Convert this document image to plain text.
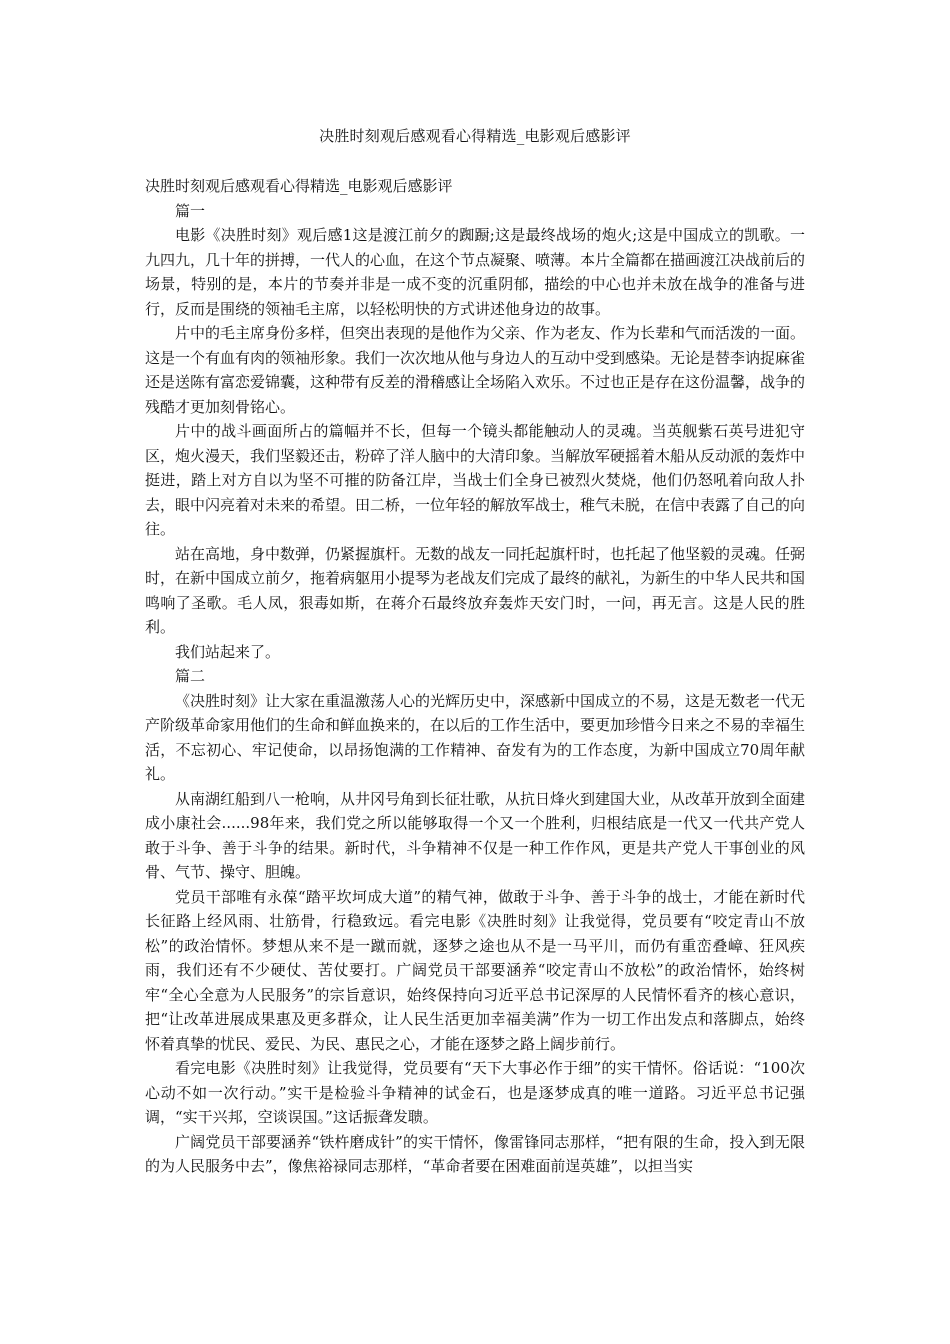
决胜时刻观后感观看心得精选_电影观后感影评

决胜时刻观后感观看心得精选_电影观后感影评

篇一

电影《决胜时刻》观后感1这是渡江前夕的踟蹰;这是最终战场的炮火;这是中国成立的凯歌。一九四九，几十年的拼搏，一代人的心血，在这个节点凝聚、喷薄。本片全篇都在描画渡江决战前后的场景，特别的是，本片的节奏并非是一成不变的沉重阴郁，描绘的中心也并未放在战争的准备与进行，反而是围绕的领袖毛主席，以轻松明快的方式讲述他身边的故事。

片中的毛主席身份多样，但突出表现的是他作为父亲、作为老友、作为长辈和气而活泼的一面。这是一个有血有肉的领袖形象。我们一次次地从他与身边人的互动中受到感染。无论是替李讷捉麻雀还是送陈有富恋爱锦囊，这种带有反差的滑稽感让全场陷入欢乐。不过也正是存在这份温馨，战争的残酷才更加刻骨铭心。

片中的战斗画面所占的篇幅并不长，但每一个镜头都能触动人的灵魂。当英舰紫石英号进犯守区，炮火漫天，我们坚毅还击，粉碎了洋人脑中的大清印象。当解放军硬摇着木船从反动派的轰炸中挺进，踏上对方自以为坚不可摧的防备江岸，当战士们全身已被烈火焚烧，他们仍怒吼着向敌人扑去，眼中闪亮着对未来的希望。田二桥，一位年轻的解放军战士，稚气未脱，在信中表露了自己的向往。

站在高地，身中数弹，仍紧握旗杆。无数的战友一同托起旗杆时，也托起了他坚毅的灵魂。任弼时，在新中国成立前夕，拖着病躯用小提琴为老战友们完成了最终的献礼，为新生的中华人民共和国鸣响了圣歌。毛人凤，狠毒如斯，在蒋介石最终放弃轰炸天安门时，一问，再无言。这是人民的胜利。

我们站起来了。

篇二

《决胜时刻》让大家在重温激荡人心的光辉历史中，深感新中国成立的不易，这是无数老一代无产阶级革命家用他们的生命和鲜血换来的，在以后的工作生活中，要更加珍惜今日来之不易的幸福生活，不忘初心、牢记使命，以昂扬饱满的工作精神、奋发有为的工作态度，为新中国成立70周年献礼。

从南湖红船到八一枪响，从井冈号角到长征壮歌，从抗日烽火到建国大业，从改革开放到全面建成小康社会......98年来，我们党之所以能够取得一个又一个胜利，归根结底是一代又一代共产党人敢于斗争、善于斗争的结果。新时代，斗争精神不仅是一种工作作风，更是共产党人干事创业的风骨、气节、操守、胆魄。

党员干部唯有永葆“踏平坎坷成大道”的精气神，做敢于斗争、善于斗争的战士，才能在新时代长征路上经风雨、壮筋骨，行稳致远。看完电影《决胜时刻》让我觉得，党员要有“咬定青山不放松”的政治情怀。梦想从来不是一蹴而就，逐梦之途也从不是一马平川，而仍有重峦叠嶂、狂风疾雨，我们还有不少硬仗、苦仗要打。广阔党员干部要涵养“咬定青山不放松”的政治情怀，始终树牢“全心全意为人民服务”的宗旨意识，始终保持向习近平总书记深厚的人民情怀看齐的核心意识，把“让改革进展成果惠及更多群众，让人民生活更加幸福美满”作为一切工作出发点和落脚点，始终怀着真挚的忧民、爱民、为民、惠民之心，才能在逐梦之路上阔步前行。

看完电影《决胜时刻》让我觉得，党员要有“天下大事必作于细”的实干情怀。俗话说：“100次心动不如一次行动。”实干是检验斗争精神的试金石，也是逐梦成真的唯一道路。习近平总书记强调，“实干兴邦，空谈误国。”这话振聋发聩。

广阔党员干部要涵养“铁杵磨成针”的实干情怀，像雷锋同志那样，“把有限的生命，投入到无限的为人民服务中去”，像焦裕禄同志那样，“革命者要在困难面前逞英雄”，以担当实
